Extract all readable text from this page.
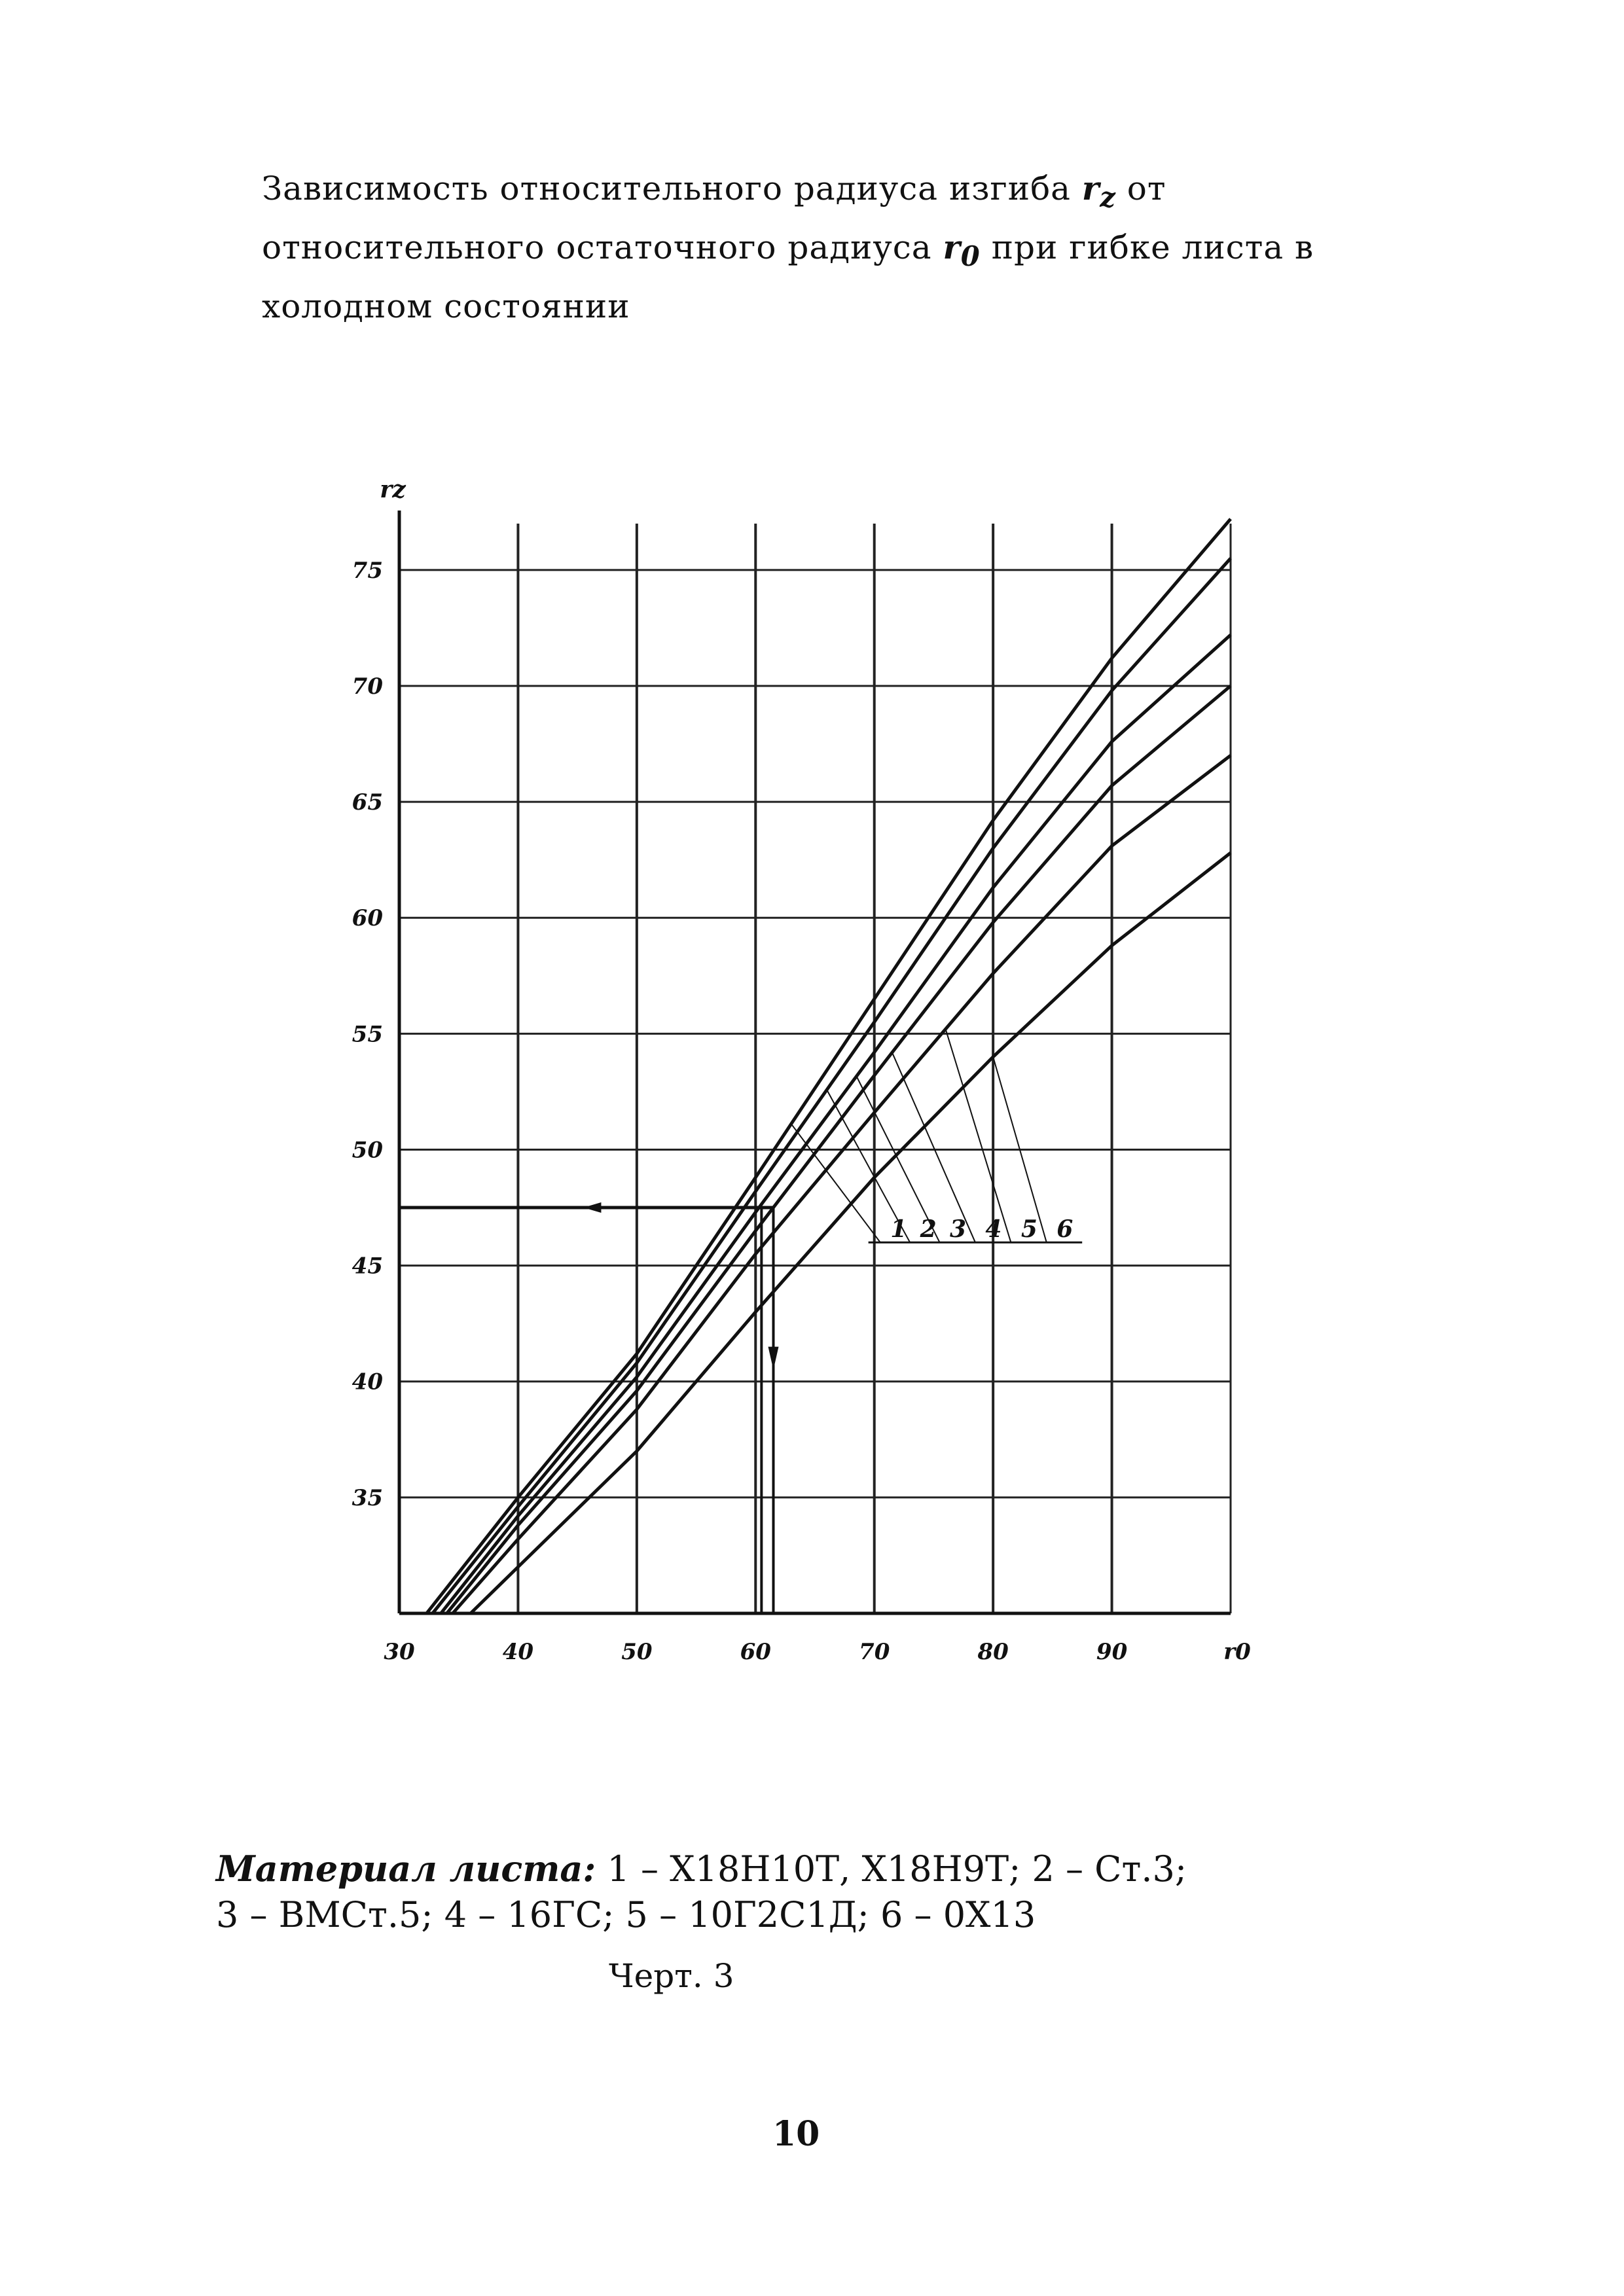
Зависимость относительного радиуса изгиба $r_z$ от относительного остаточного радиуса $r_0$ при гибке листа в холодном состоянии
35
40
45
50
55
60
65
70
75
30	40	50	60	70	80	90
rz
r0
1 2 3 4 5 6
Материал листа: 1 – Х18Н10Т, Х18Н9Т; 2 – Ст.3;
3 – ВМСт.5; 4 – 16ГС; 5 – 10Г2С1Д; 6 – 0Х13
Черт. 3
10
